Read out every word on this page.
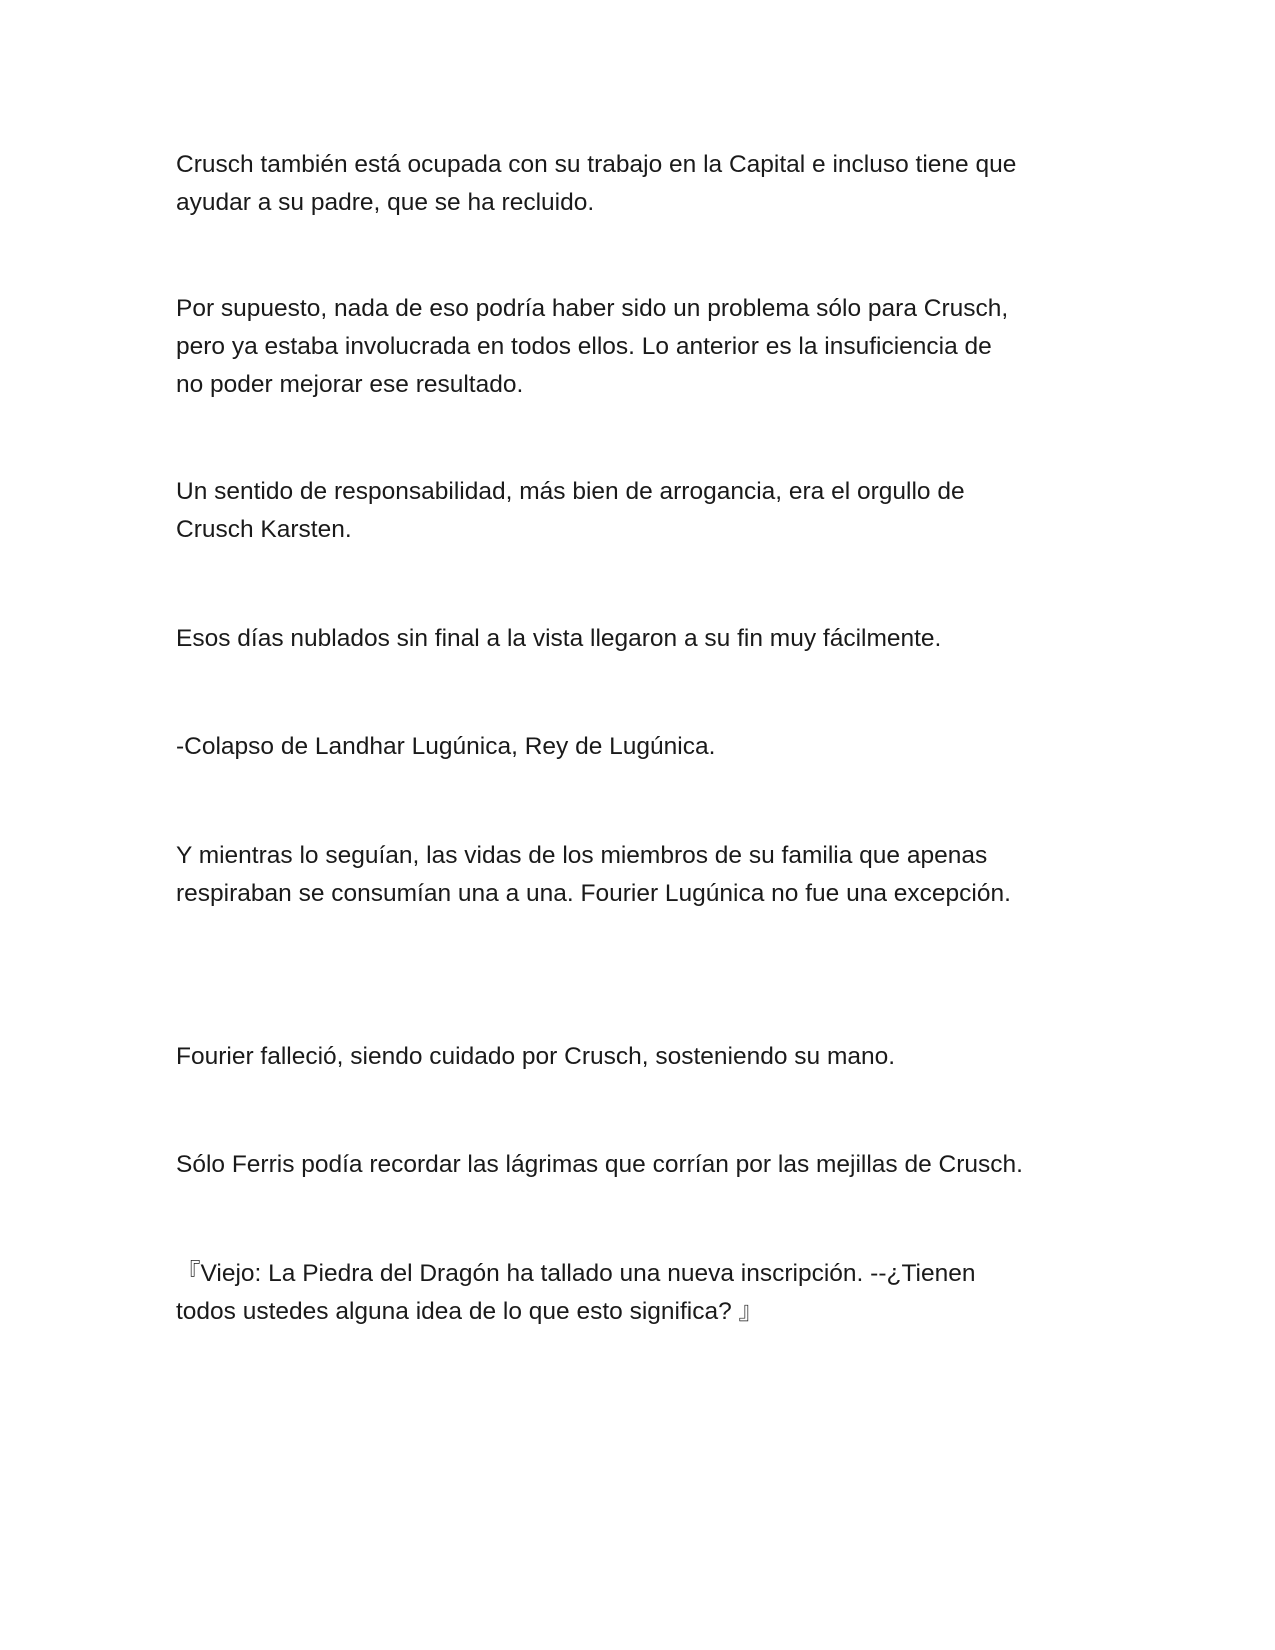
Crusch también está ocupada con su trabajo en la Capital e incluso tiene que
ayudar a su padre, que se ha recluido.

Por supuesto, nada de eso podría haber sido un problema sólo para Crusch,
pero ya estaba involucrada en todos ellos. Lo anterior es la insuficiencia de
no poder mejorar ese resultado.

Un sentido de responsabilidad, más bien de arrogancia, era el orgullo de
Crusch Karsten.

Esos días nublados sin final a la vista llegaron a su fin muy fácilmente.

-Colapso de Landhar Lugúnica, Rey de Lugúnica.

Y mientras lo seguían, las vidas de los miembros de su familia que apenas
respiraban se consumían una a una. Fourier Lugúnica no fue una excepción.

Fourier falleció, siendo cuidado por Crusch, sosteniendo su mano.

Sólo Ferris podía recordar las lágrimas que corrían por las mejillas de Crusch.

『Viejo: La Piedra del Dragón ha tallado una nueva inscripción. --¿Tienen
todos ustedes alguna idea de lo que esto significa? 』
